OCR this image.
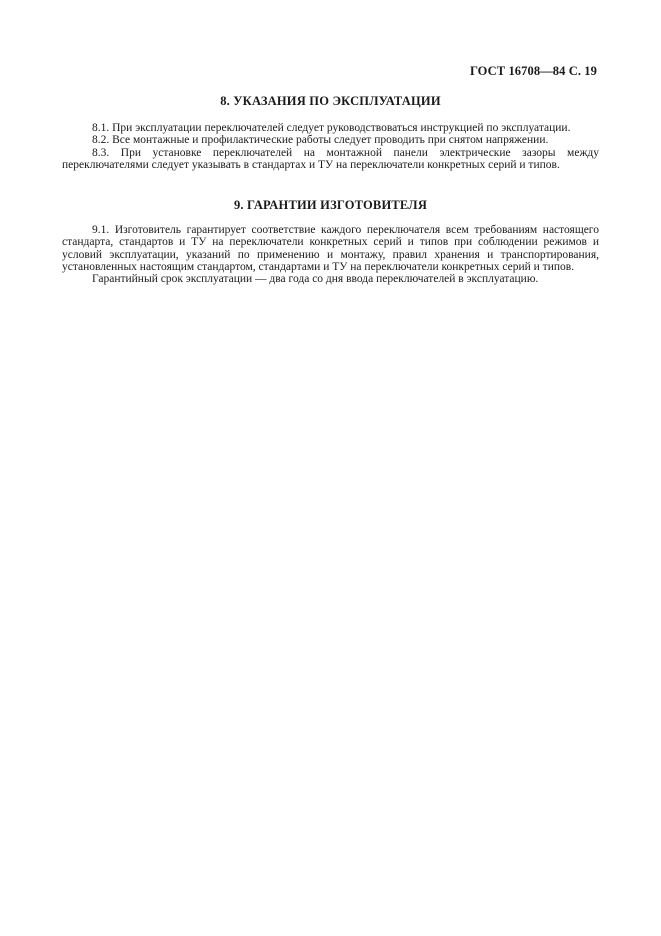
ГОСТ 16708—84 С. 19
8. УКАЗАНИЯ ПО ЭКСПЛУАТАЦИИ

8.1. При эксплуатации переключателей следует руководствоваться инструкцией по эксплуатации.

8.2. Все монтажные и профилактические работы следует проводить при снятом напряжении.

8.3. При установке переключателей на монтажной панели электрические зазоры между переключателями следует указывать в стандартах и ТУ на переключатели конкретных серий и типов.

9. ГАРАНТИИ ИЗГОТОВИТЕЛЯ

9.1. Изготовитель гарантирует соответствие каждого переключателя всем требованиям настоящего стандарта, стандартов и ТУ на переключатели конкретных серий и типов при соблюдении режимов и условий эксплуатации, указаний по применению и монтажу, правил хранения и транспортирования, установленных настоящим стандартом, стандартами и ТУ на переключатели конкретных серий и типов.

Гарантийный срок эксплуатации — два года со дня ввода переключателей в эксплуатацию.
